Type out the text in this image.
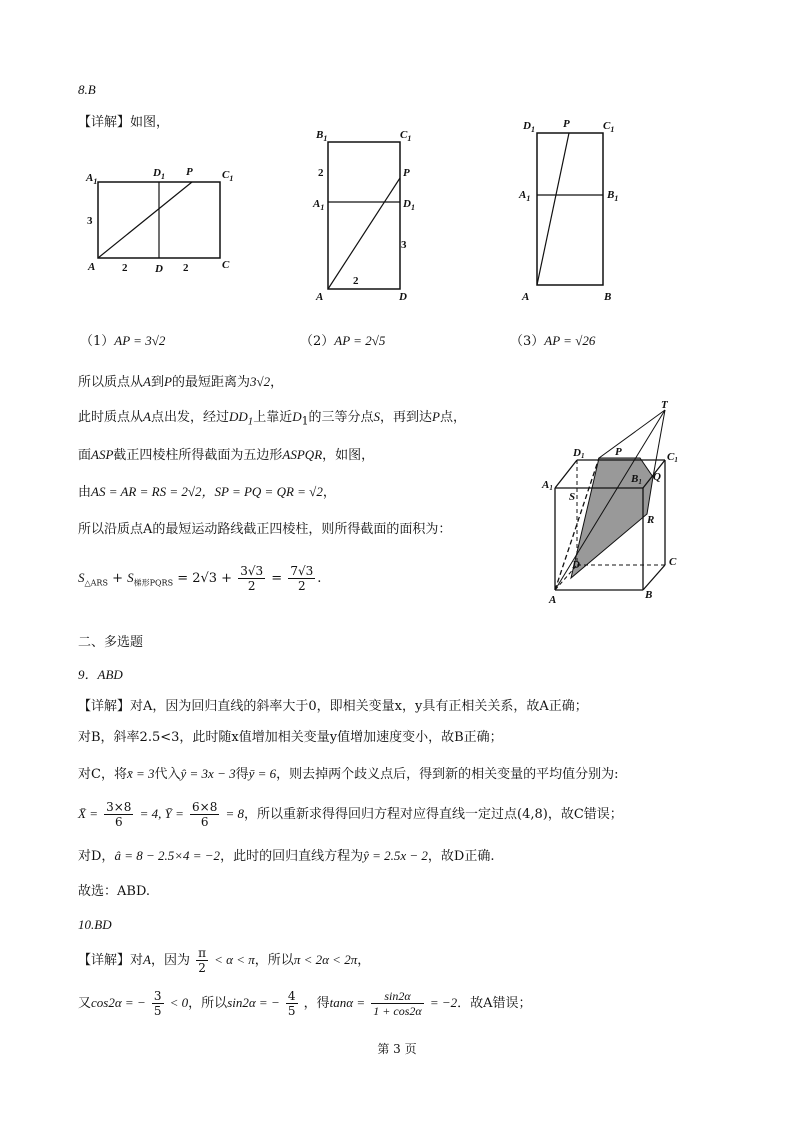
8.B
【详解】如图，
$A_1$
$D_1$ P	$C_1$
3
A 2	D 2	C
$B_1$	$C_1$
2	P
$A_1$	$D_1$
3
2
A	D
$D_1$	P	$C_1$
$A_1$	$B_1$
A	B
（1）AP = 3√2	（2）AP = 2√5	（3）AP = √26
所以质点从A到P的最短距离为3√2，
此时质点从A点出发，经过$DD_1$上靠近$D_1$的三等分点S，再到达P点，
面ASP截正四棱柱所得截面为五边形ASPQR，如图，
由AS = AR = RS = 2√2，SP = PQ = QR = √2，
所以沿质点A的最短运动路线截正四棱柱，则所得截面的面积为：
$S_{\triangle ARS} + S_{梯形PQRS} = 2√3 + \frac{3√3}{2} = \frac{7√3}{2}$ .
T
P
D1	C1
A1
B1 Q
S
R
D	C
A	B
二、多选题
9．ABD
【详解】对A，因为回归直线的斜率大于0，即相关变量x，y具有正相关关系，故A正确；
对B，斜率2.5<3，此时随x值增加相关变量y值增加速度变小，故B正确；
对C，将x̄ = 3代入ŷ = 3x − 3得ȳ = 6，则去掉两个歧义点后，得到新的相关变量的平均值分别为:
X̄ = $\frac{3\times 8}{6} = 4$, Ȳ = $\frac{6\times 8}{6} = 8$，所以重新求得得回归方程对应得直线一定过点(4,8)，故C错误；
对D，â = 8 − 2.5×4 = −2，此时的回归直线方程为ŷ = 2.5x − 2，故D正确.
故选：ABD.
10.BD
【详解】对A，因为 $\frac{\pi}{2} < \alpha < \pi$，所以π < 2α < 2π，
又cos2α = − $\frac{3}{5} < 0$，所以sin2α = − $\frac{4}{5}$ ，得$\tan\alpha = \frac{\sin 2\alpha}{1 + \cos 2\alpha} = -2$．故A错误；
第 3 页
